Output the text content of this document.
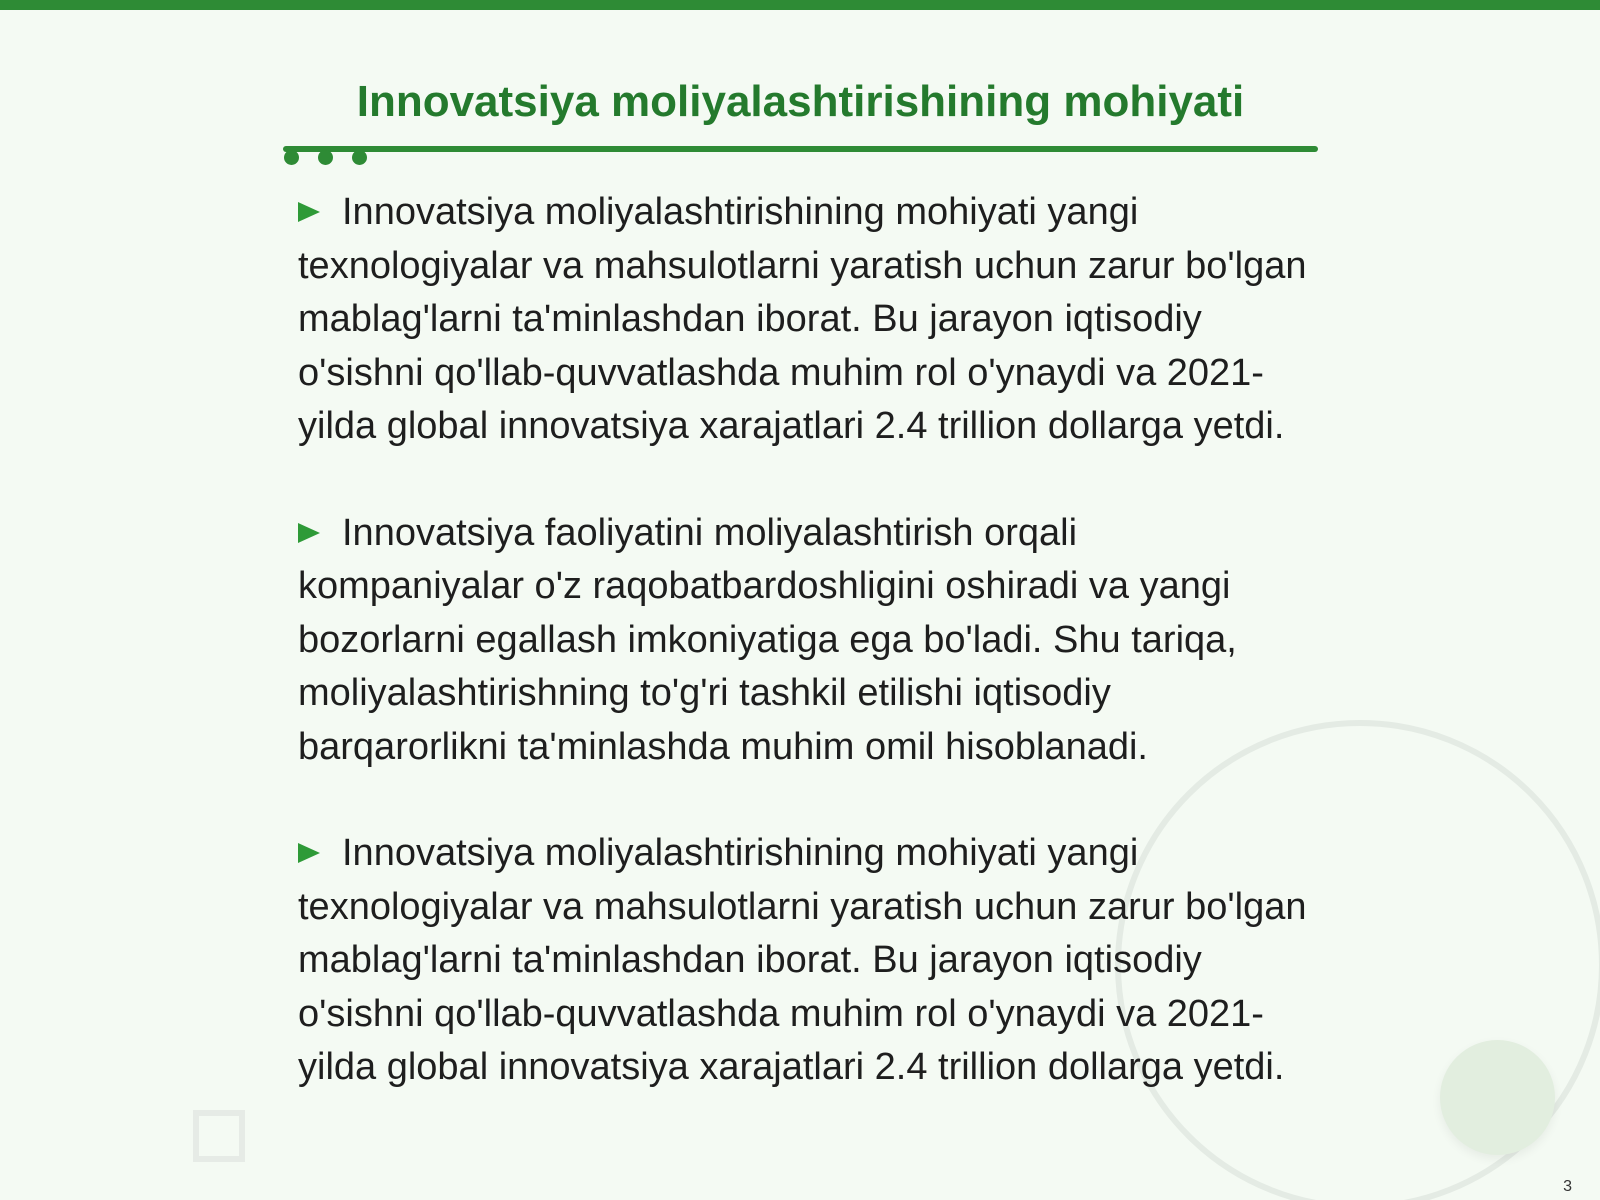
Innovatsiya moliyalashtirishining mohiyati

Innovatsiya moliyalashtirishining mohiyati yangi texnologiyalar va mahsulotlarni yaratish uchun zarur bo'lgan mablag'larni ta'minlashdan iborat. Bu jarayon iqtisodiy o'sishni qo'llab-quvvatlashda muhim rol o'ynaydi va 2021-yilda global innovatsiya xarajatlari 2.4 trillion dollarga yetdi.

Innovatsiya faoliyatini moliyalashtirish orqali kompaniyalar o'z raqobatbardoshligini oshiradi va yangi bozorlarni egallash imkoniyatiga ega bo'ladi. Shu tariqa, moliyalashtirishning to'g'ri tashkil etilishi iqtisodiy barqarorlikni ta'minlashda muhim omil hisoblanadi.

Innovatsiya moliyalashtirishining mohiyati yangi texnologiyalar va mahsulotlarni yaratish uchun zarur bo'lgan mablag'larni ta'minlashdan iborat. Bu jarayon iqtisodiy o'sishni qo'llab-quvvatlashda muhim rol o'ynaydi va 2021-yilda global innovatsiya xarajatlari 2.4 trillion dollarga yetdi.

3
